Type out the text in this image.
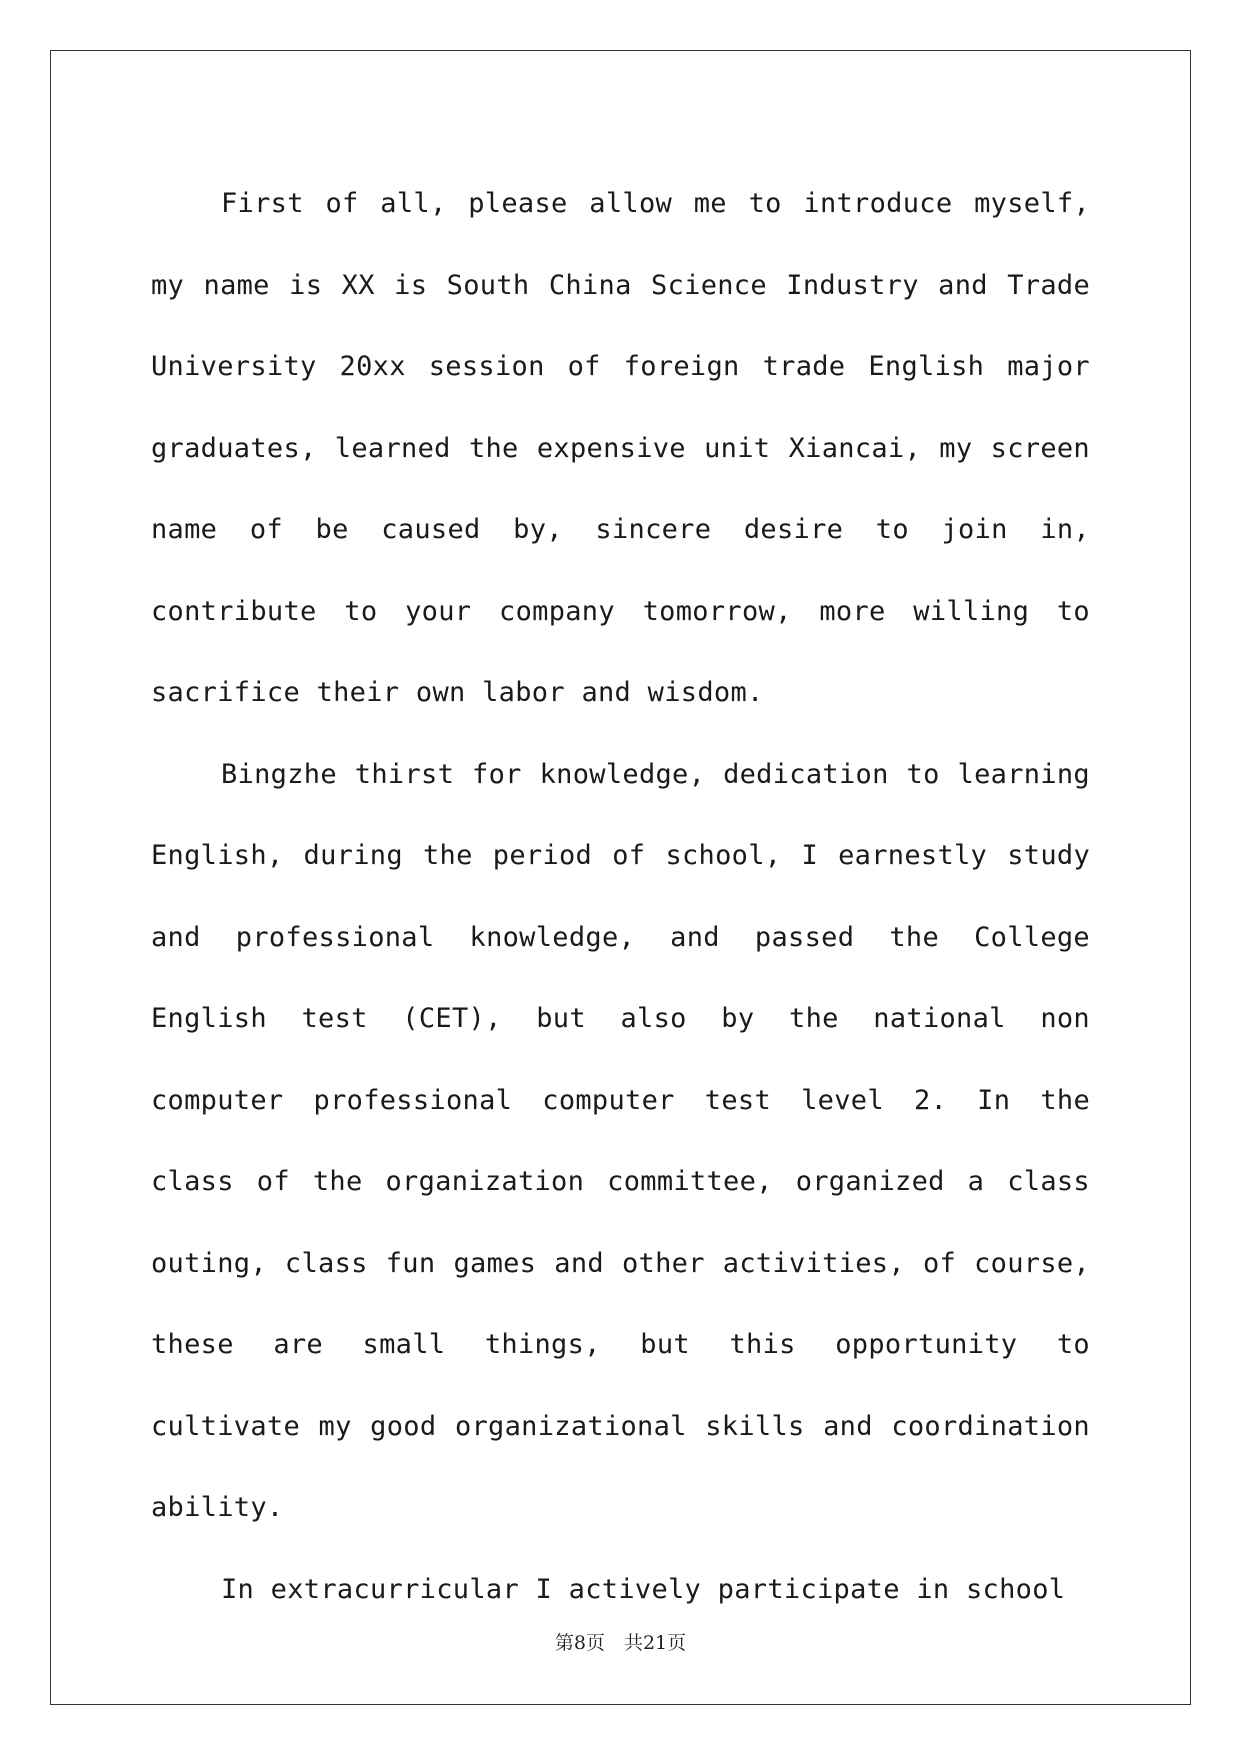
First of all, please allow me to introduce myself, my name is XX is South China Science Industry and Trade University 20xx session of foreign trade English major graduates, learned the expensive unit Xiancai, my screen name of be caused by, sincere desire to join in, contribute to your company tomorrow, more willing to sacrifice their own labor and wisdom.

Bingzhe thirst for knowledge, dedication to learning English, during the period of school, I earnestly study and professional knowledge, and passed the College English test (CET), but also by the national non computer professional computer test level 2. In the class of the organization committee, organized a class outing, class fun games and other activities, of course, these are small things, but this opportunity to cultivate my good organizational skills and coordination ability.

In extracurricular I actively participate in school

第8页　共21页
